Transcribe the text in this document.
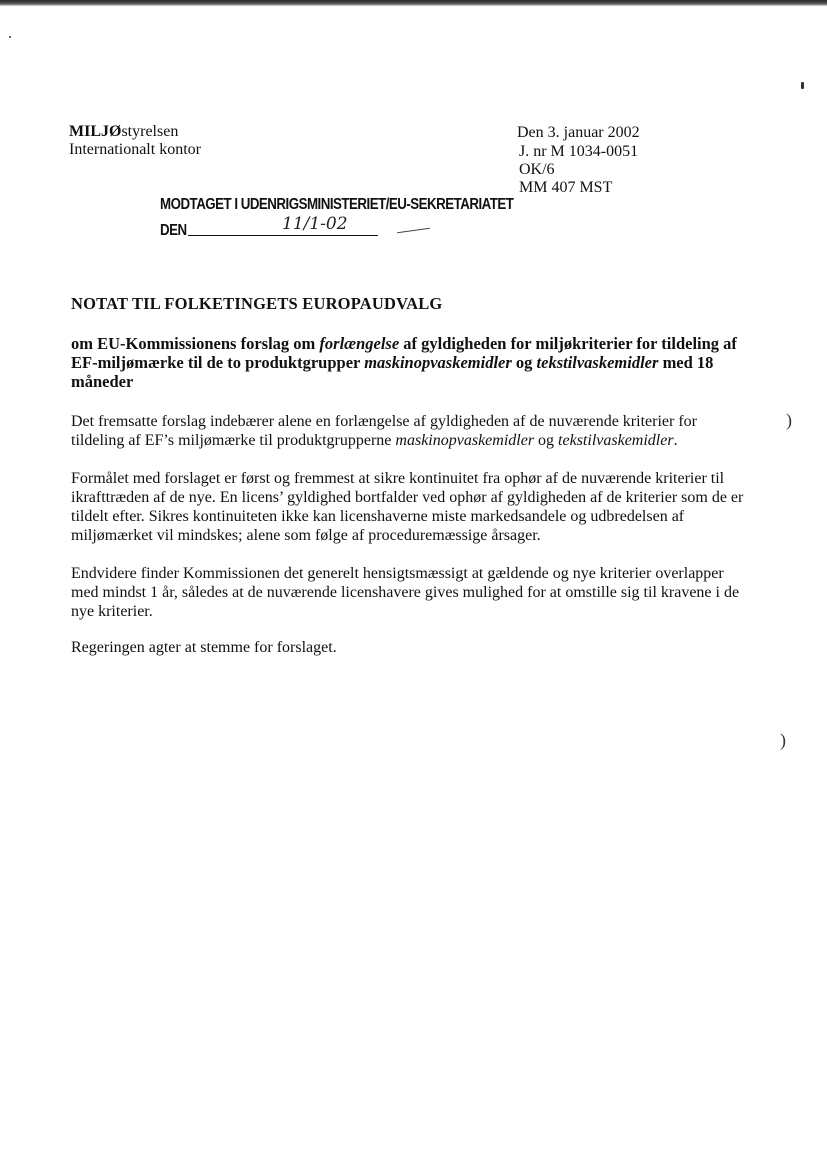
MILJØstyrelsen
Internationalt kontor
Den 3. januar 2002
J. nr M 1034-0051
OK/6
MM 407 MST
MODTAGET I UDENRIGSMINISTERIET/EU-SEKRETARIATET
DEN	11/1-02
NOTAT TIL FOLKETINGETS EUROPAUDVALG
om EU-Kommissionens forslag om forlængelse af gyldigheden for miljøkriterier for tildeling af EF-miljømærke til de to produktgrupper maskinopvaskemidler og tekstilvaskemidler med 18 måneder
Det fremsatte forslag indebærer alene en forlængelse af gyldigheden af de nuværende kriterier for tildeling af EF’s miljømærke til produktgrupperne maskinopvaskemidler og tekstilvaskemidler.
Formålet med forslaget er først og fremmest at sikre kontinuitet fra ophør af de nuværende kriterier til ikrafttræden af de nye. En licens’ gyldighed bortfalder ved ophør af gyldigheden af de kriterier som de er tildelt efter. Sikres kontinuiteten ikke kan licenshaverne miste markedsandele og udbredelsen af miljømærket vil mindskes; alene som følge af proceduremæssige årsager.
Endvidere finder Kommissionen det generelt hensigtsmæssigt at gældende og nye kriterier overlapper med mindst 1 år, således at de nuværende licenshavere gives mulighed for at omstille sig til kravene i de nye kriterier.
Regeringen agter at stemme for forslaget.
)
)
